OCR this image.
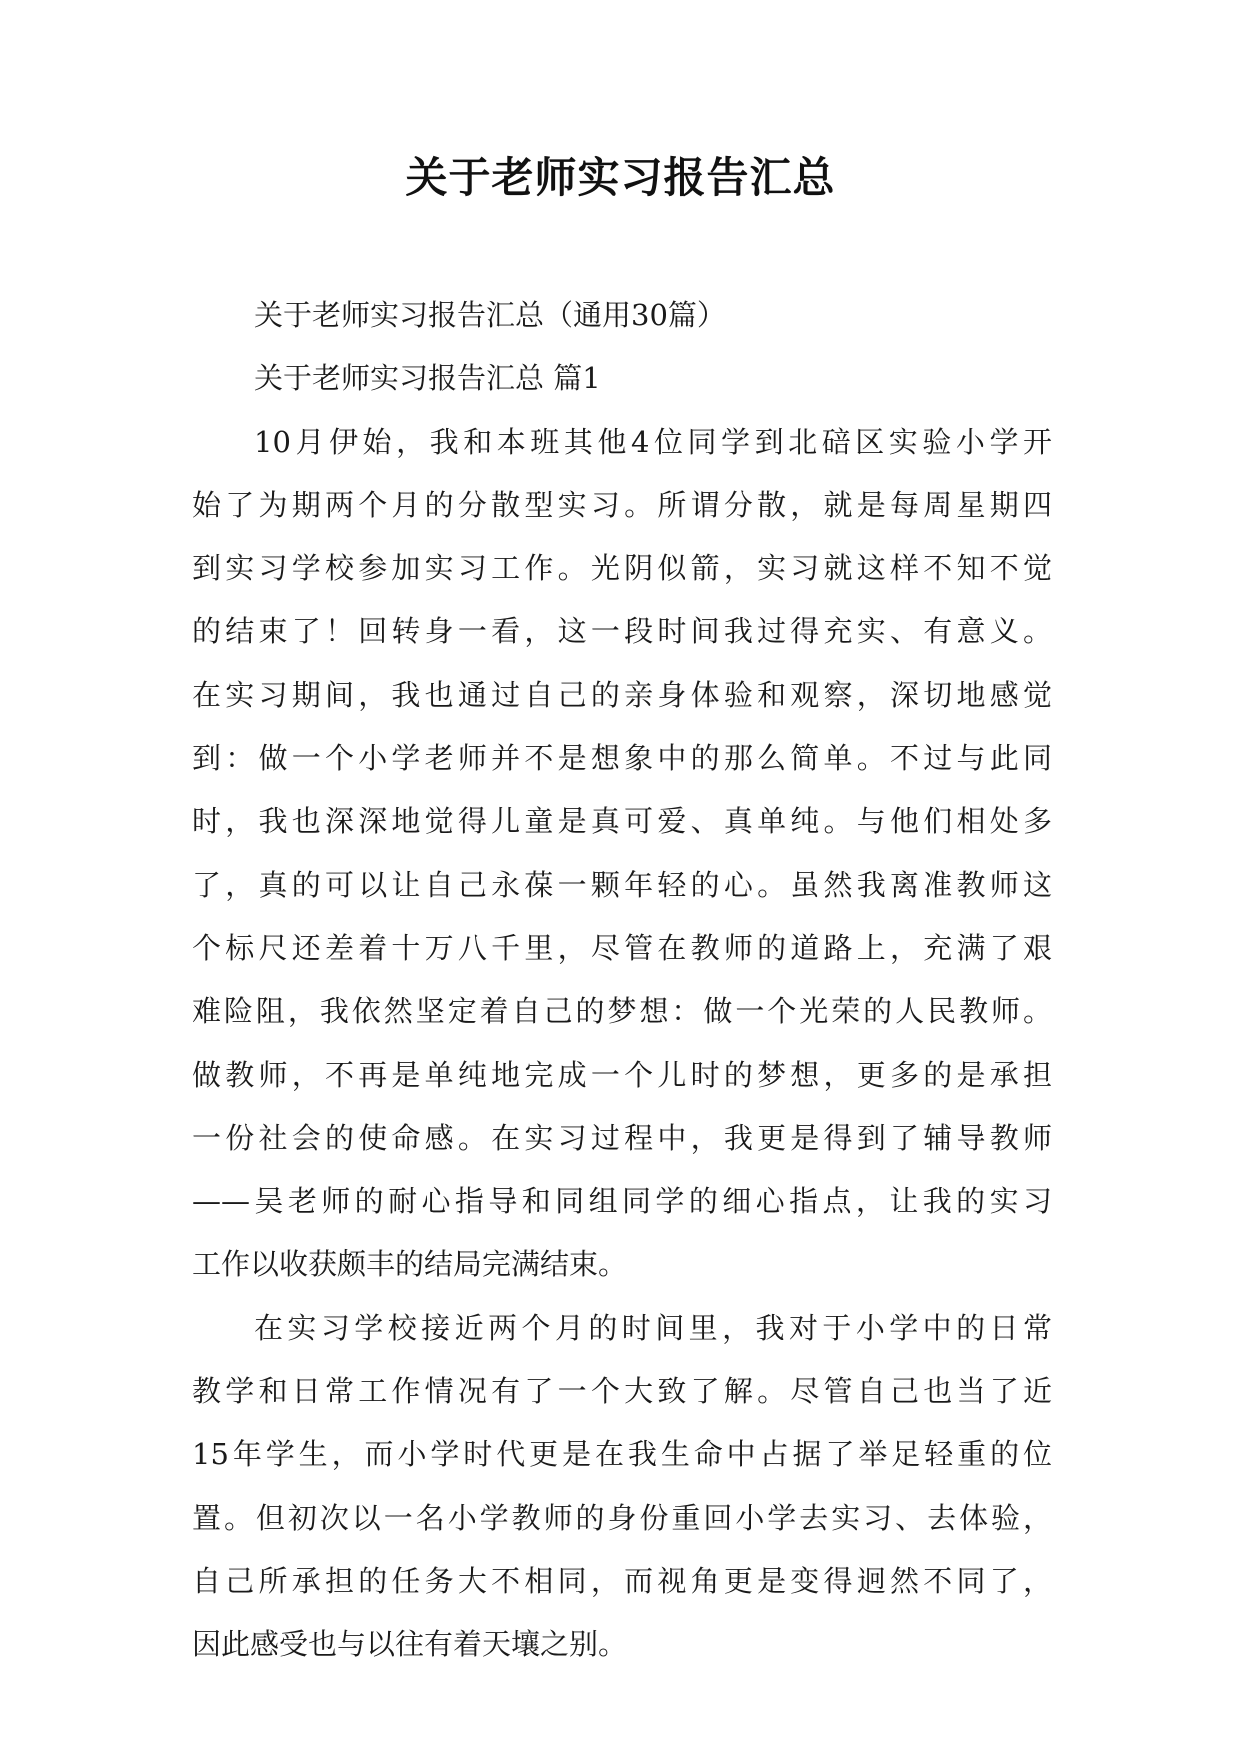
关于老师实习报告汇总
关于老师实习报告汇总（通用30篇）
关于老师实习报告汇总 篇1
10月伊始，我和本班其他4位同学到北碚区实验小学开
始了为期两个月的分散型实习。所谓分散，就是每周星期四
到实习学校参加实习工作。光阴似箭，实习就这样不知不觉
的结束了！回转身一看，这一段时间我过得充实、有意义。
在实习期间，我也通过自己的亲身体验和观察，深切地感觉
到：做一个小学老师并不是想象中的那么简单。不过与此同
时，我也深深地觉得儿童是真可爱、真单纯。与他们相处多
了，真的可以让自己永葆一颗年轻的心。虽然我离准教师这
个标尺还差着十万八千里，尽管在教师的道路上，充满了艰
难险阻，我依然坚定着自己的梦想：做一个光荣的人民教师。
做教师，不再是单纯地完成一个儿时的梦想，更多的是承担
一份社会的使命感。在实习过程中，我更是得到了辅导教师
——吴老师的耐心指导和同组同学的细心指点，让我的实习
工作以收获颇丰的结局完满结束。
在实习学校接近两个月的时间里，我对于小学中的日常
教学和日常工作情况有了一个大致了解。尽管自己也当了近
15年学生，而小学时代更是在我生命中占据了举足轻重的位
置。但初次以一名小学教师的身份重回小学去实习、去体验，
自己所承担的任务大不相同，而视角更是变得迥然不同了，
因此感受也与以往有着天壤之别。
